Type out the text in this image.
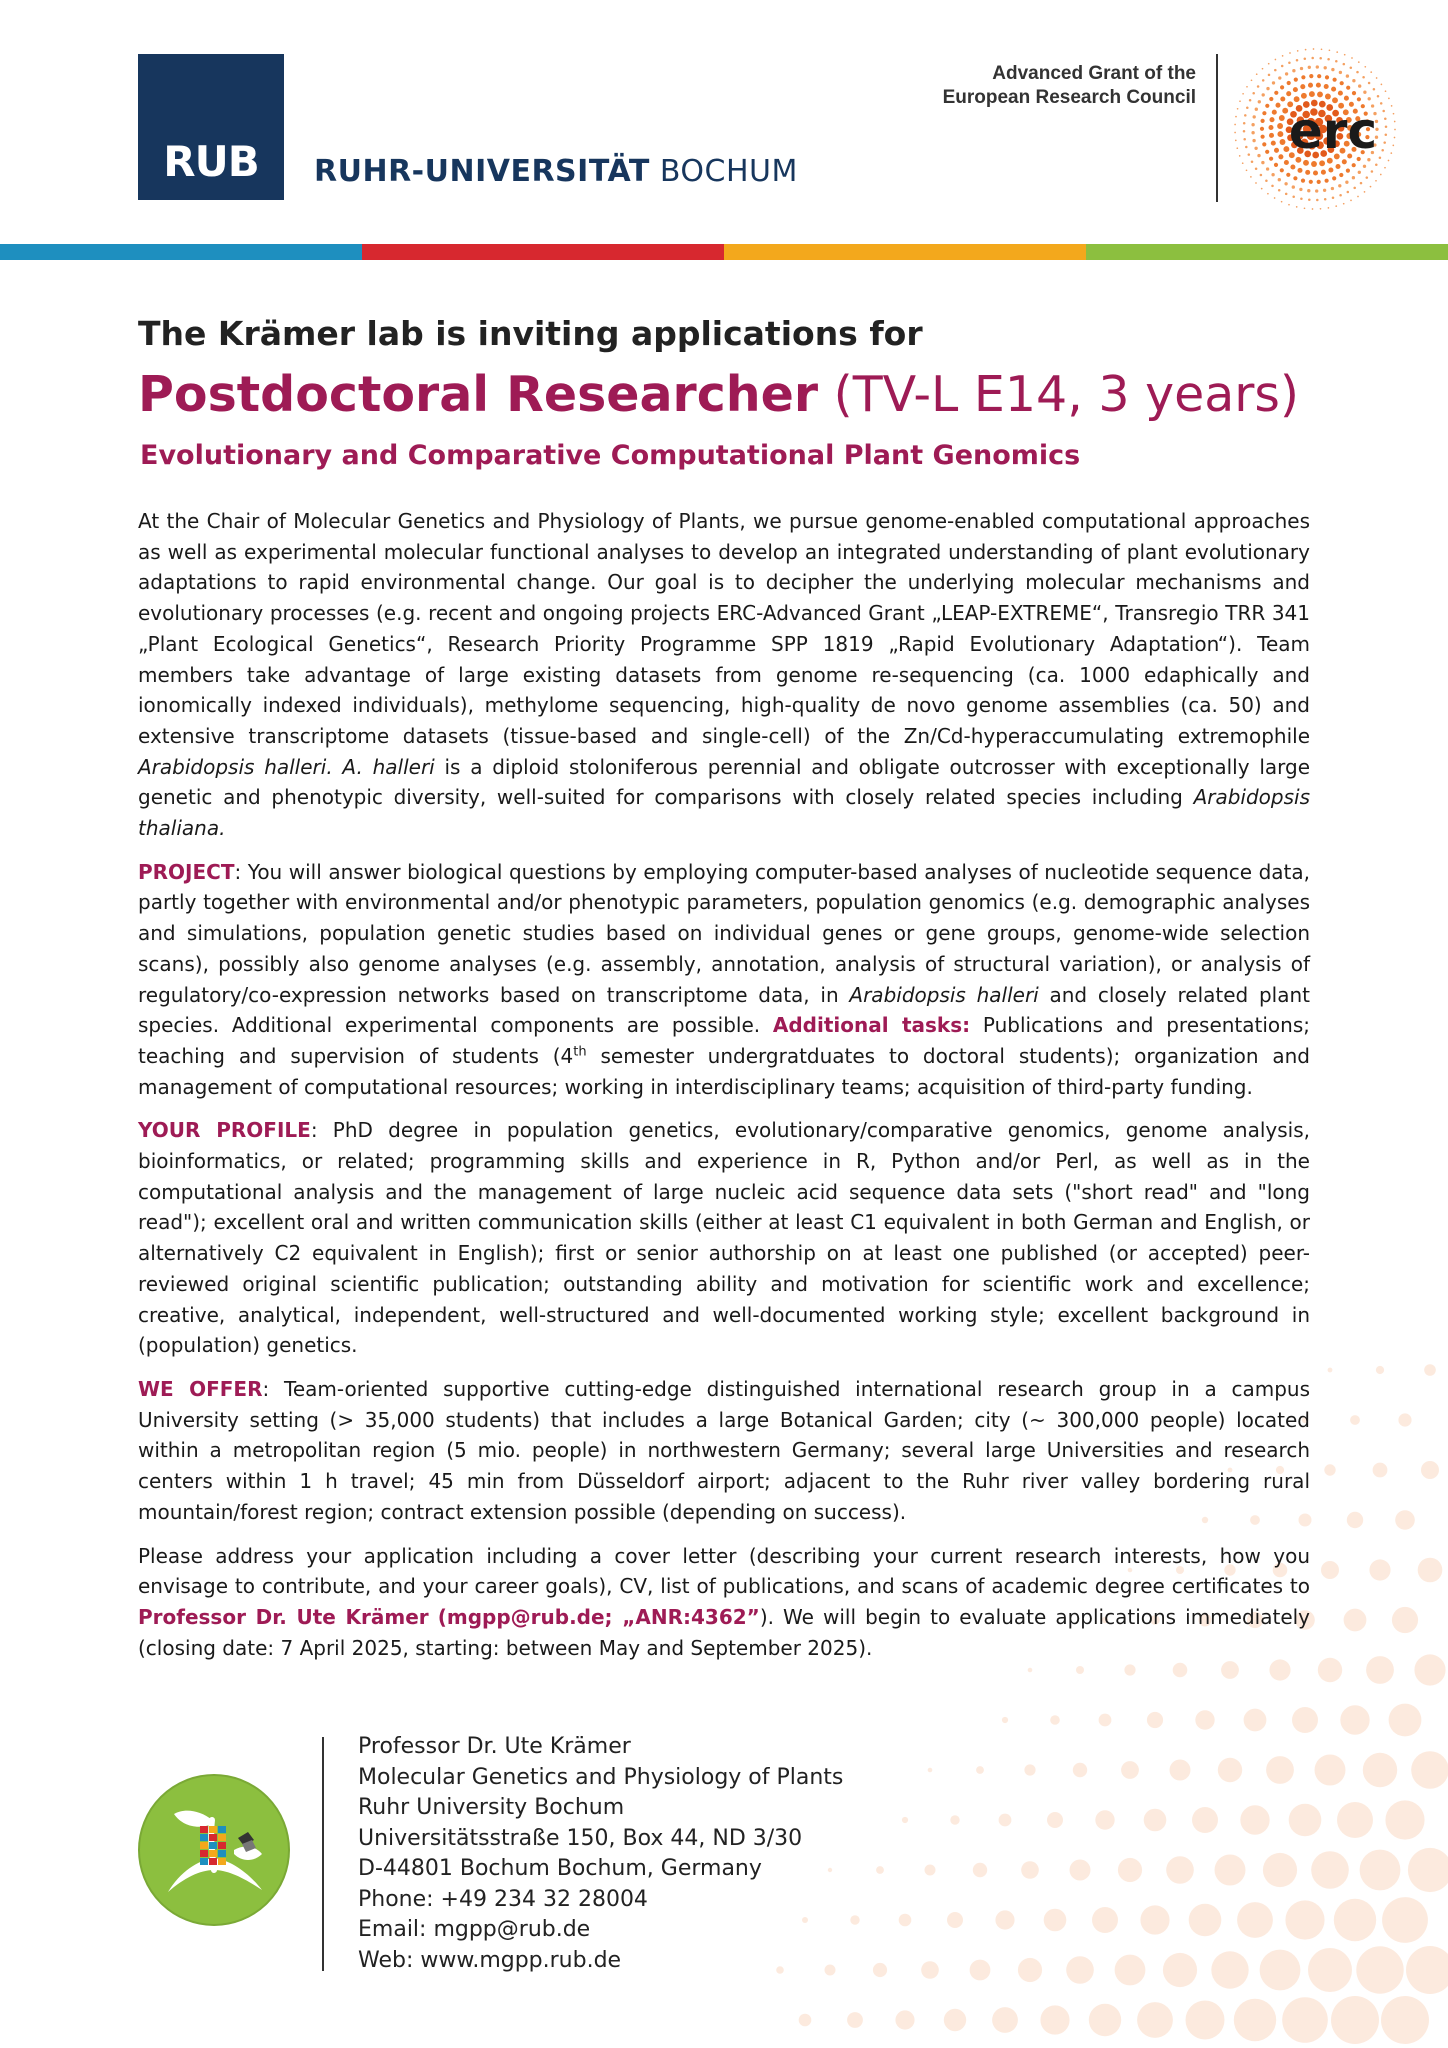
RUB	RUHR-UNIVERSITÄT BOCHUM
Advanced Grant of the
European Research Council
erc
The Krämer lab is inviting applications for
Postdoctoral Researcher (TV-L E14, 3 years)
Evolutionary and Comparative Computational Plant Genomics

At the Chair of Molecular Genetics and Physiology of Plants, we pursue genome-enabled computational approaches as well as experimental molecular functional analyses to develop an integrated understanding of plant evolutionary adaptations to rapid environmental change. Our goal is to decipher the underlying molecular mechanisms and evolutionary processes (e.g. recent and ongoing projects ERC-Advanced Grant „LEAP-EXTREME“, Transregio TRR 341 „Plant Ecological Genetics“, Research Priority Programme SPP 1819 „Rapid Evolutionary Adaptation“). Team members take advantage of large existing datasets from genome re-sequencing (ca. 1000 edaphically and ionomically indexed individuals), methylome sequencing, high-quality de novo genome assemblies (ca. 50) and extensive transcriptome datasets (tissue-based and single-cell) of the Zn/Cd-hyperaccumulating extremophile Arabidopsis halleri. A. halleri is a diploid stoloniferous perennial and obligate outcrosser with exceptionally large genetic and phenotypic diversity, well-suited for comparisons with closely related species including Arabidopsis thaliana.

PROJECT: You will answer biological questions by employing computer-based analyses of nucleotide sequence data, partly together with environmental and/or phenotypic parameters, population genomics (e.g. demographic analyses and simulations, population genetic studies based on individual genes or gene groups, genome-wide selection scans), possibly also genome analyses (e.g. assembly, annotation, analysis of structural variation), or analysis of regulatory/co-expression networks based on transcriptome data, in Arabidopsis halleri and closely related plant species. Additional experimental components are possible. Additional tasks: Publications and presentations; teaching and supervision of students (4th semester undergratduates to doctoral students); organization and management of computational resources; working in interdisciplinary teams; acquisition of third-party funding.

YOUR PROFILE: PhD degree in population genetics, evolutionary/comparative genomics, genome analysis, bioinformatics, or related; programming skills and experience in R, Python and/or Perl, as well as in the computational analysis and the management of large nucleic acid sequence data sets ("short read" and "long read"); excellent oral and written communication skills (either at least C1 equivalent in both German and English, or alternatively C2 equivalent in English); first or senior authorship on at least one published (or accepted) peer-reviewed original scientific publication; outstanding ability and motivation for scientific work and excellence; creative, analytical, independent, well-structured and well-documented working style; excellent background in (population) genetics.

WE OFFER: Team-oriented supportive cutting-edge distinguished international research group in a campus University setting (> 35,000 students) that includes a large Botanical Garden; city (~ 300,000 people) located within a metropolitan region (5 mio. people) in northwestern Germany; several large Universities and research centers within 1 h travel; 45 min from Düsseldorf airport; adjacent to the Ruhr river valley bordering rural mountain/forest region; contract extension possible (depending on success).

Please address your application including a cover letter (describing your current research interests, how you envisage to contribute, and your career goals), CV, list of publications, and scans of academic degree certificates to Professor Dr. Ute Krämer (mgpp@rub.de; „ANR:4362”). We will begin to evaluate applications immediately (closing date: 7 April 2025, starting: between May and September 2025).

Professor Dr. Ute Krämer
Molecular Genetics and Physiology of Plants
Ruhr University Bochum
Universitätsstraße 150, Box 44, ND 3/30
D-44801 Bochum Bochum, Germany
Phone: +49 234 32 28004
Email: mgpp@rub.de
Web: www.mgpp.rub.de
